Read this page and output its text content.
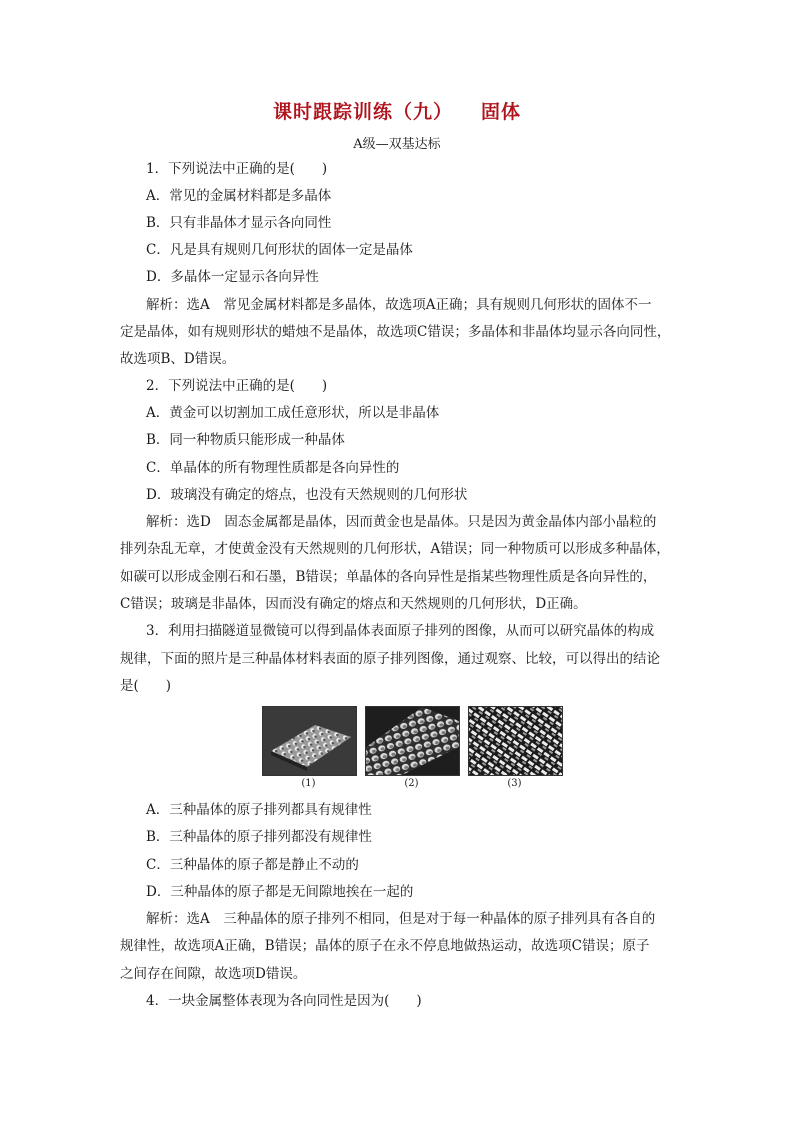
课时跟踪训练（九） 固体
A级—双基达标
1．下列说法中正确的是(　　)
A．常见的金属材料都是多晶体
B．只有非晶体才显示各向同性
C．凡是具有规则几何形状的固体一定是晶体
D．多晶体一定显示各向异性
解析：选A　常见金属材料都是多晶体，故选项A正确；具有规则几何形状的固体不一
定是晶体，如有规则形状的蜡烛不是晶体，故选项C错误；多晶体和非晶体均显示各向同性，
故选项B、D错误。
2．下列说法中正确的是(　　)
A．黄金可以切割加工成任意形状，所以是非晶体
B．同一种物质只能形成一种晶体
C．单晶体的所有物理性质都是各向异性的
D．玻璃没有确定的熔点，也没有天然规则的几何形状
解析：选D　固态金属都是晶体，因而黄金也是晶体。只是因为黄金晶体内部小晶粒的
排列杂乱无章，才使黄金没有天然规则的几何形状，A错误；同一种物质可以形成多种晶体，
如碳可以形成金刚石和石墨，B错误；单晶体的各向异性是指某些物理性质是各向异性的，
C错误；玻璃是非晶体，因而没有确定的熔点和天然规则的几何形状，D正确。
3．利用扫描隧道显微镜可以得到晶体表面原子排列的图像，从而可以研究晶体的构成
规律，下面的照片是三种晶体材料表面的原子排列图像，通过观察、比较，可以得出的结论
是(　　)
(1)	(2)	(3)
A．三种晶体的原子排列都具有规律性
B．三种晶体的原子排列都没有规律性
C．三种晶体的原子都是静止不动的
D．三种晶体的原子都是无间隙地挨在一起的
解析：选A　三种晶体的原子排列不相同，但是对于每一种晶体的原子排列具有各自的
规律性，故选项A正确，B错误；晶体的原子在永不停息地做热运动，故选项C错误；原子
之间存在间隙，故选项D错误。
4．一块金属整体表现为各向同性是因为(　　)
